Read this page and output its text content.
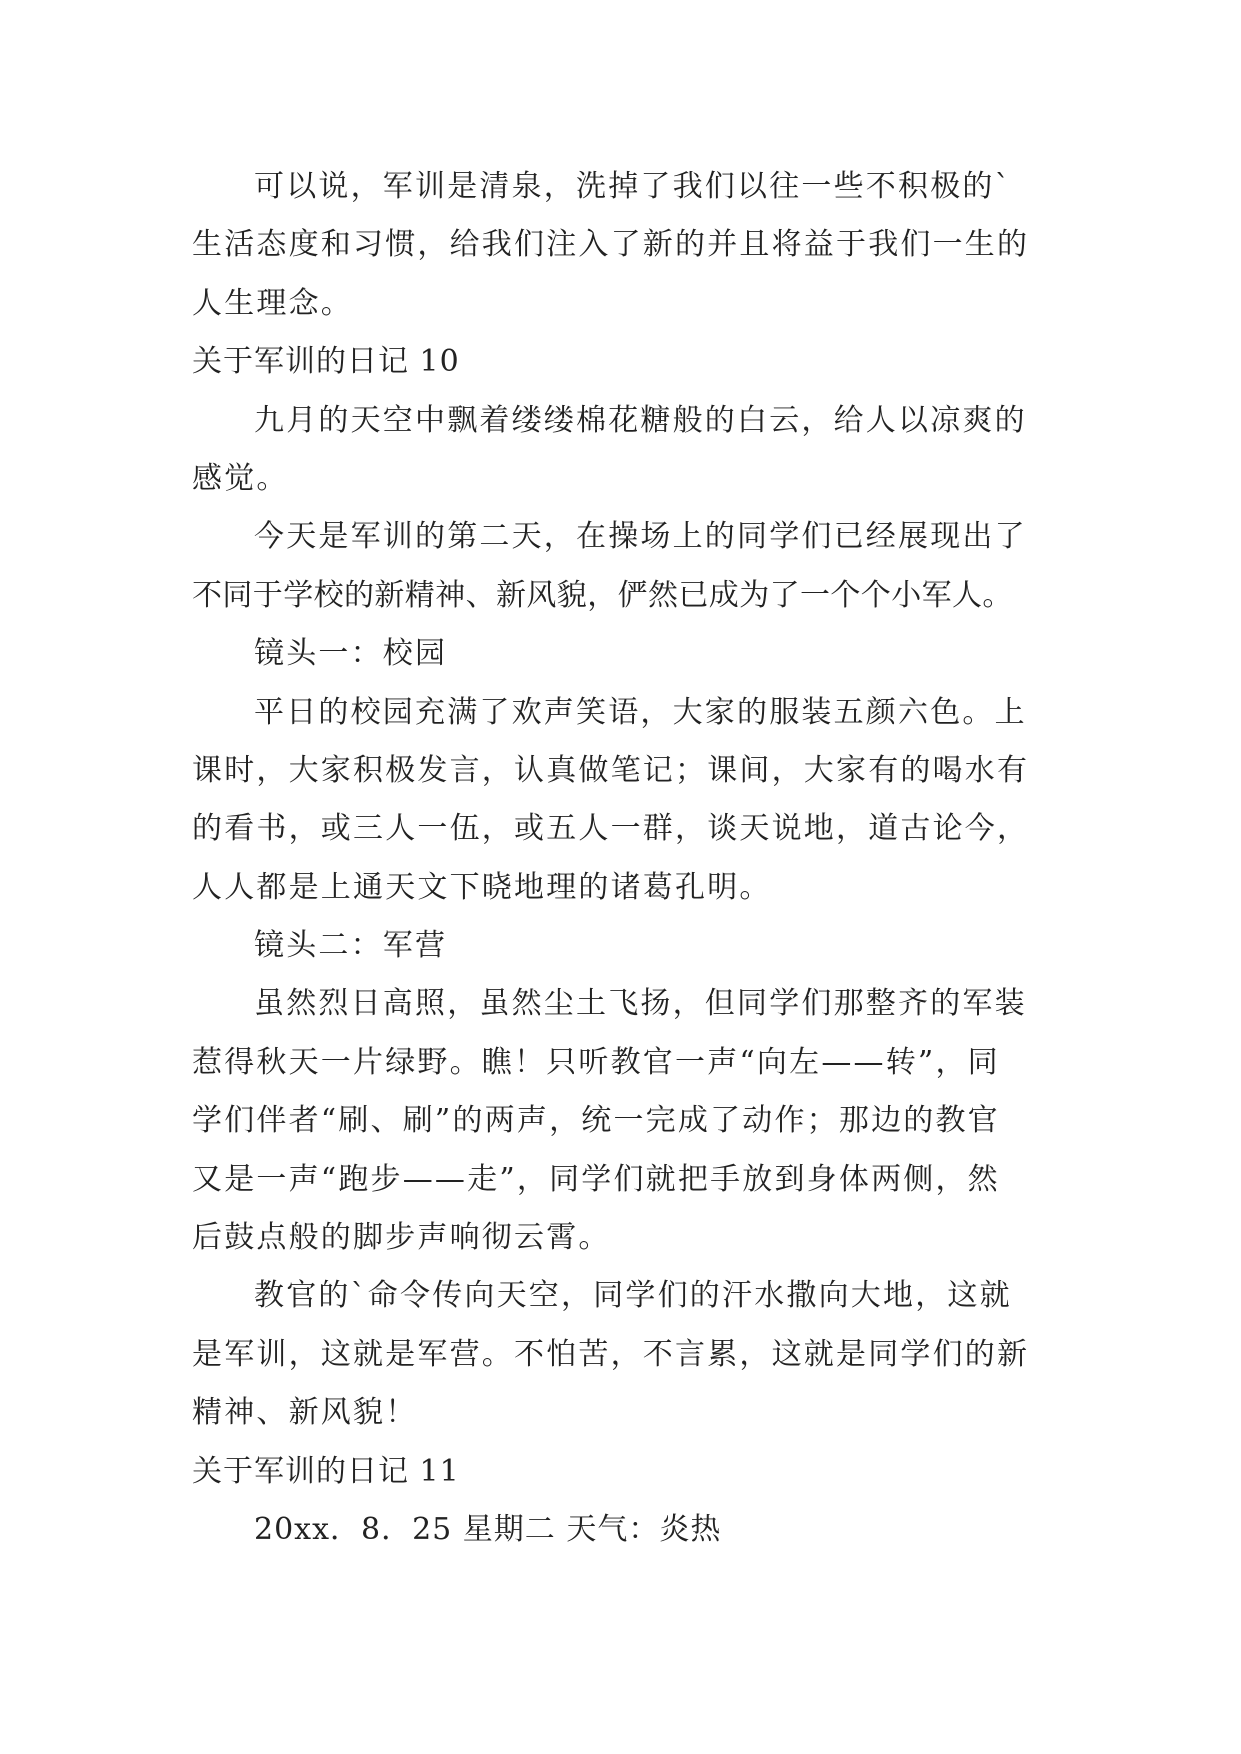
可以说，军训是清泉，洗掉了我们以往一些不积极的`
生活态度和习惯，给我们注入了新的并且将益于我们一生的
人生理念。
关于军训的日记 10
九月的天空中飘着缕缕棉花糖般的白云，给人以凉爽的
感觉。
今天是军训的第二天，在操场上的同学们已经展现出了
不同于学校的新精神、新风貌，俨然已成为了一个个小军人。
镜头一：校园
平日的校园充满了欢声笑语，大家的服装五颜六色。上
课时，大家积极发言，认真做笔记；课间，大家有的喝水有
的看书，或三人一伍，或五人一群，谈天说地，道古论今，
人人都是上通天文下晓地理的诸葛孔明。
镜头二：军营
虽然烈日高照，虽然尘土飞扬，但同学们那整齐的军装
惹得秋天一片绿野。瞧！只听教官一声“向左——转”，同
学们伴者“刷、刷”的两声，统一完成了动作；那边的教官
又是一声“跑步——走”，同学们就把手放到身体两侧，然
后鼓点般的脚步声响彻云霄。
教官的`命令传向天空，同学们的汗水撒向大地，这就
是军训，这就是军营。不怕苦，不言累，这就是同学们的新
精神、新风貌！
关于军训的日记 11
20xx．8．25 星期二 天气：炎热
